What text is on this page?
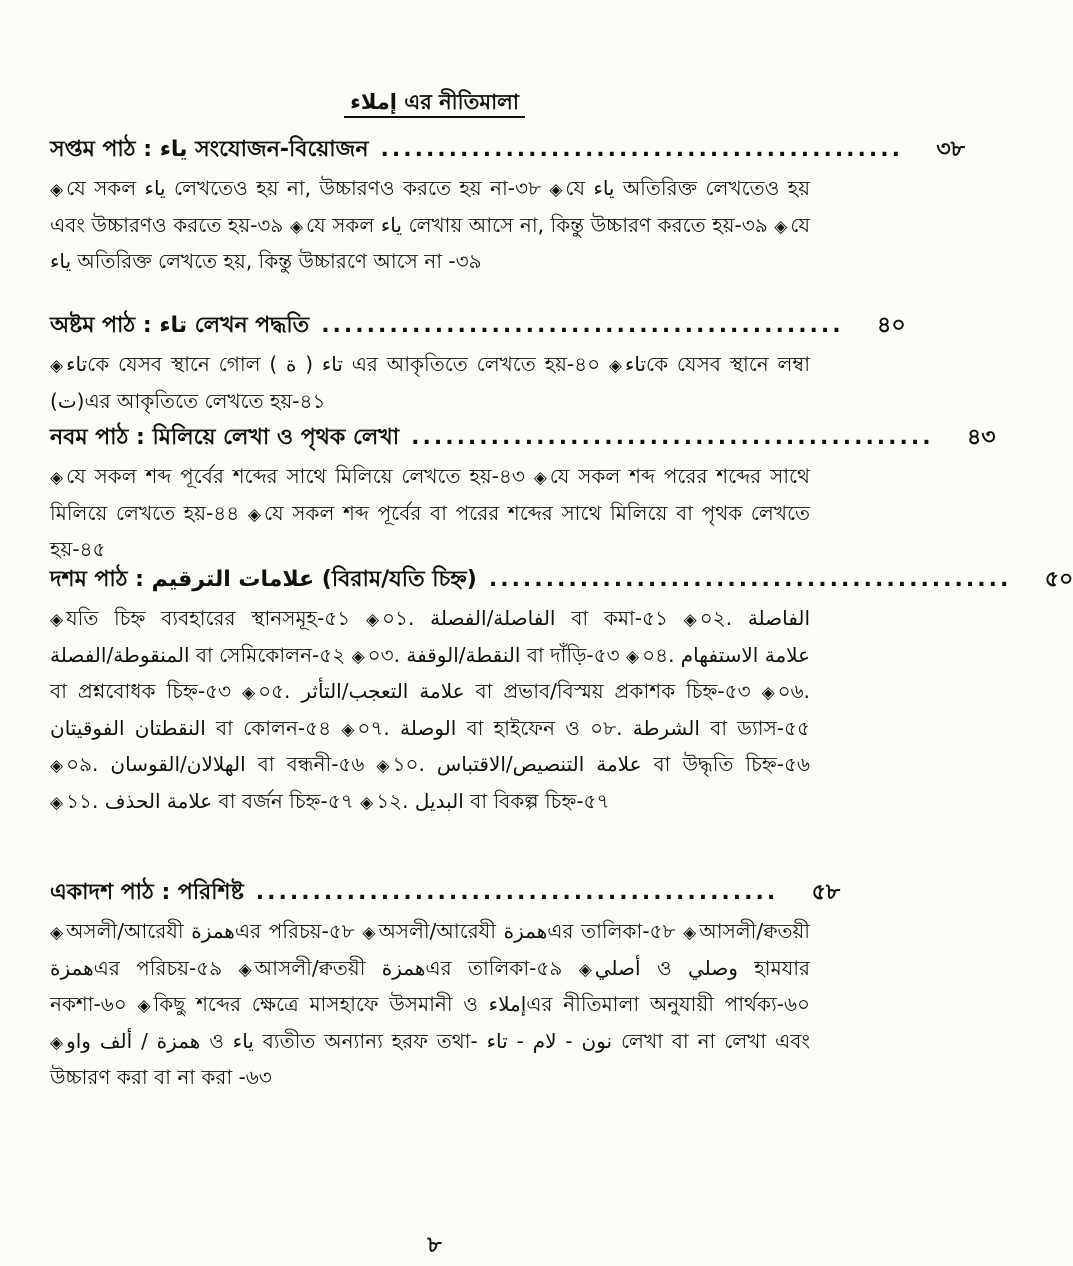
إملاء এর নীতিমালা
সপ্তম পাঠ : ياء সংযোজন-বিয়োজন ..............................................	৩৮
◈ যে সকল ياء লেখতেও হয় না, উচ্চারণও করতে হয় না-৩৮ ◈ যে ياء অতিরিক্ত লেখতেও হয় এবং উচ্চারণও করতে হয়-৩৯ ◈ যে সকল ياء লেখায় আসে না, কিন্তু উচ্চারণ করতে হয়-৩৯ ◈ যে ياء অতিরিক্ত লেখতে হয়, কিন্তু উচ্চারণে আসে না -৩৯
অষ্টম পাঠ : تاء লেখন পদ্ধতি ..............................................	৪০
◈ تاءকে যেসব স্থানে গোল ( ة ) تاء এর আকৃতিতে লেখতে হয়-৪০ ◈ تاءকে যেসব স্থানে লম্বা (ت)এর আকৃতিতে লেখতে হয়-৪১
নবম পাঠ : মিলিয়ে লেখা ও পৃথক লেখা ..............................................	৪৩
◈ যে সকল শব্দ পূর্বের শব্দের সাথে মিলিয়ে লেখতে হয়-৪৩ ◈ যে সকল শব্দ পরের শব্দের সাথে মিলিয়ে লেখতে হয়-৪৪ ◈ যে সকল শব্দ পূর্বের বা পরের শব্দের সাথে মিলিয়ে বা পৃথক লেখতে হয়-৪৫
দশম পাঠ : علامات الترقيم (বিরাম/যতি চিহ্ন) ..............................................	৫০
◈ যতি চিহ্ন ব্যবহারের স্থানসমূহ-৫১ ◈ ০১. الفاصلة/الفصلة বা কমা-৫১ ◈ ০২. الفاصلة المنقوطة/الفصلة বা সেমিকোলন-৫২ ◈ ০৩. النقطة/الوقفة বা দাঁড়ি-৫৩ ◈ ০৪. علامة الاستفهام বা প্রশ্নবোধক চিহ্ন-৫৩ ◈ ০৫. علامة التعجب/التأثر বা প্রভাব/বিস্ময় প্রকাশক চিহ্ন-৫৩ ◈ ০৬. النقطتان الفوقيتان বা কোলন-৫৪ ◈ ০৭. الوصلة বা হাইফেন ও ০৮. الشرطة বা ড্যাস-৫৫ ◈ ০৯. الهلالان/القوسان বা বন্ধনী-৫৬ ◈ ১০. علامة التنصيص/الاقتباس বা উদ্ধৃতি চিহ্ন-৫৬ ◈ ১১. علامة الحذف বা বর্জন চিহ্ন-৫৭ ◈ ১২. البديل বা বিকল্প চিহ্ন-৫৭
একাদশ পাঠ : পরিশিষ্ট ..............................................	৫৮
◈ অসলী/আরেযী همزةএর পরিচয়-৫৮ ◈ অসলী/আরেযী همزةএর তালিকা-৫৮ ◈ আসলী/ক্বতয়ী همزةএর পরিচয়-৫৯ ◈ আসলী/ক্বতয়ী همزةএর তালিকা-৫৯ ◈ أصلي ও وصلي হামযার নকশা-৬০ ◈ কিছু শব্দের ক্ষেত্রে মাসহাফে উসমানী ও إملاءএর নীতিমালা অনুযায়ী পার্থক্য-৬০ ◈ همزة / ألف واو ও ياء ব্যতীত অন্যান্য হরফ তথা- نون - لام - تاء লেখা বা না লেখা এবং উচ্চারণ করা বা না করা -৬৩
৮
